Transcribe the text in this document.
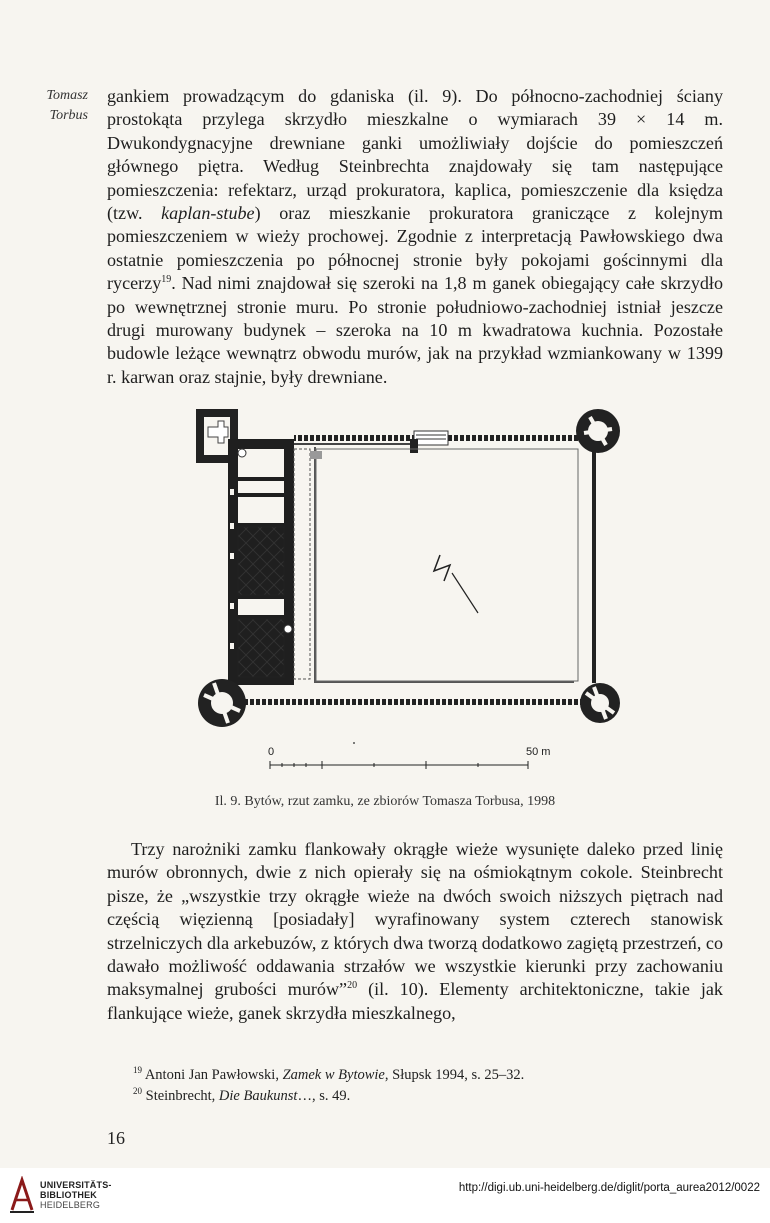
Tomasz
Torbus

gankiem prowadzącym do gdaniska (il. 9). Do północno-zachodniej ściany prostokąta przylega skrzydło mieszkalne o wymiarach 39 × 14 m. Dwukondygnacyjne drewniane ganki umożliwiały dojście do pomieszczeń głównego piętra. Według Steinbrechta znajdowały się tam następujące pomieszczenia: refektarz, urząd prokuratora, kaplica, pomieszczenie dla księdza (tzw. kaplan-stube) oraz mieszkanie prokuratora graniczące z kolejnym pomieszczeniem w wieży prochowej. Zgodnie z interpretacją Pawłowskiego dwa ostatnie pomieszczenia po północnej stronie były pokojami gościnnymi dla rycerzy$^{19}$. Nad nimi znajdował się szeroki na 1,8 m ganek obiegający całe skrzydło po wewnętrznej stronie muru. Po stronie południowo-zachodniej istniał jeszcze drugi murowany budynek – szeroka na 10 m kwadratowa kuchnia. Pozostałe budowle leżące wewnątrz obwodu murów, jak na przykład wzmiankowany w 1399 r. karwan oraz stajnie, były drewniane.

0	50 m
Il. 9. Bytów, rzut zamku, ze zbiorów Tomasza Torbusa, 1998

Trzy narożniki zamku flankowały okrągłe wieże wysunięte daleko przed linię murów obronnych, dwie z nich opierały się na ośmiokątnym cokole. Steinbrecht pisze, że „wszystkie trzy okrągłe wieże na dwóch swoich niższych piętrach nad częścią więzienną [posiadały] wyrafinowany system czterech stanowisk strzelniczych dla arkebuzów, z których dwa tworzą dodatkowo zagiętą przestrzeń, co dawało możliwość oddawania strzałów we wszystkie kierunki przy zachowaniu maksymalnej grubości murów”$^{20}$ (il. 10). Elementy architektoniczne, takie jak flankujące wieże, ganek skrzydła mieszkalnego,

$^{19}$ Antoni Jan Pawłowski, Zamek w Bytowie, Słupsk 1994, s. 25–32.
$^{20}$ Steinbrecht, Die Baukunst…, s. 49.
16
UNIVERSITÄTS-
BIBLIOTHEK
HEIDELBERG
http://digi.ub.uni-heidelberg.de/diglit/porta_aurea2012/0022
